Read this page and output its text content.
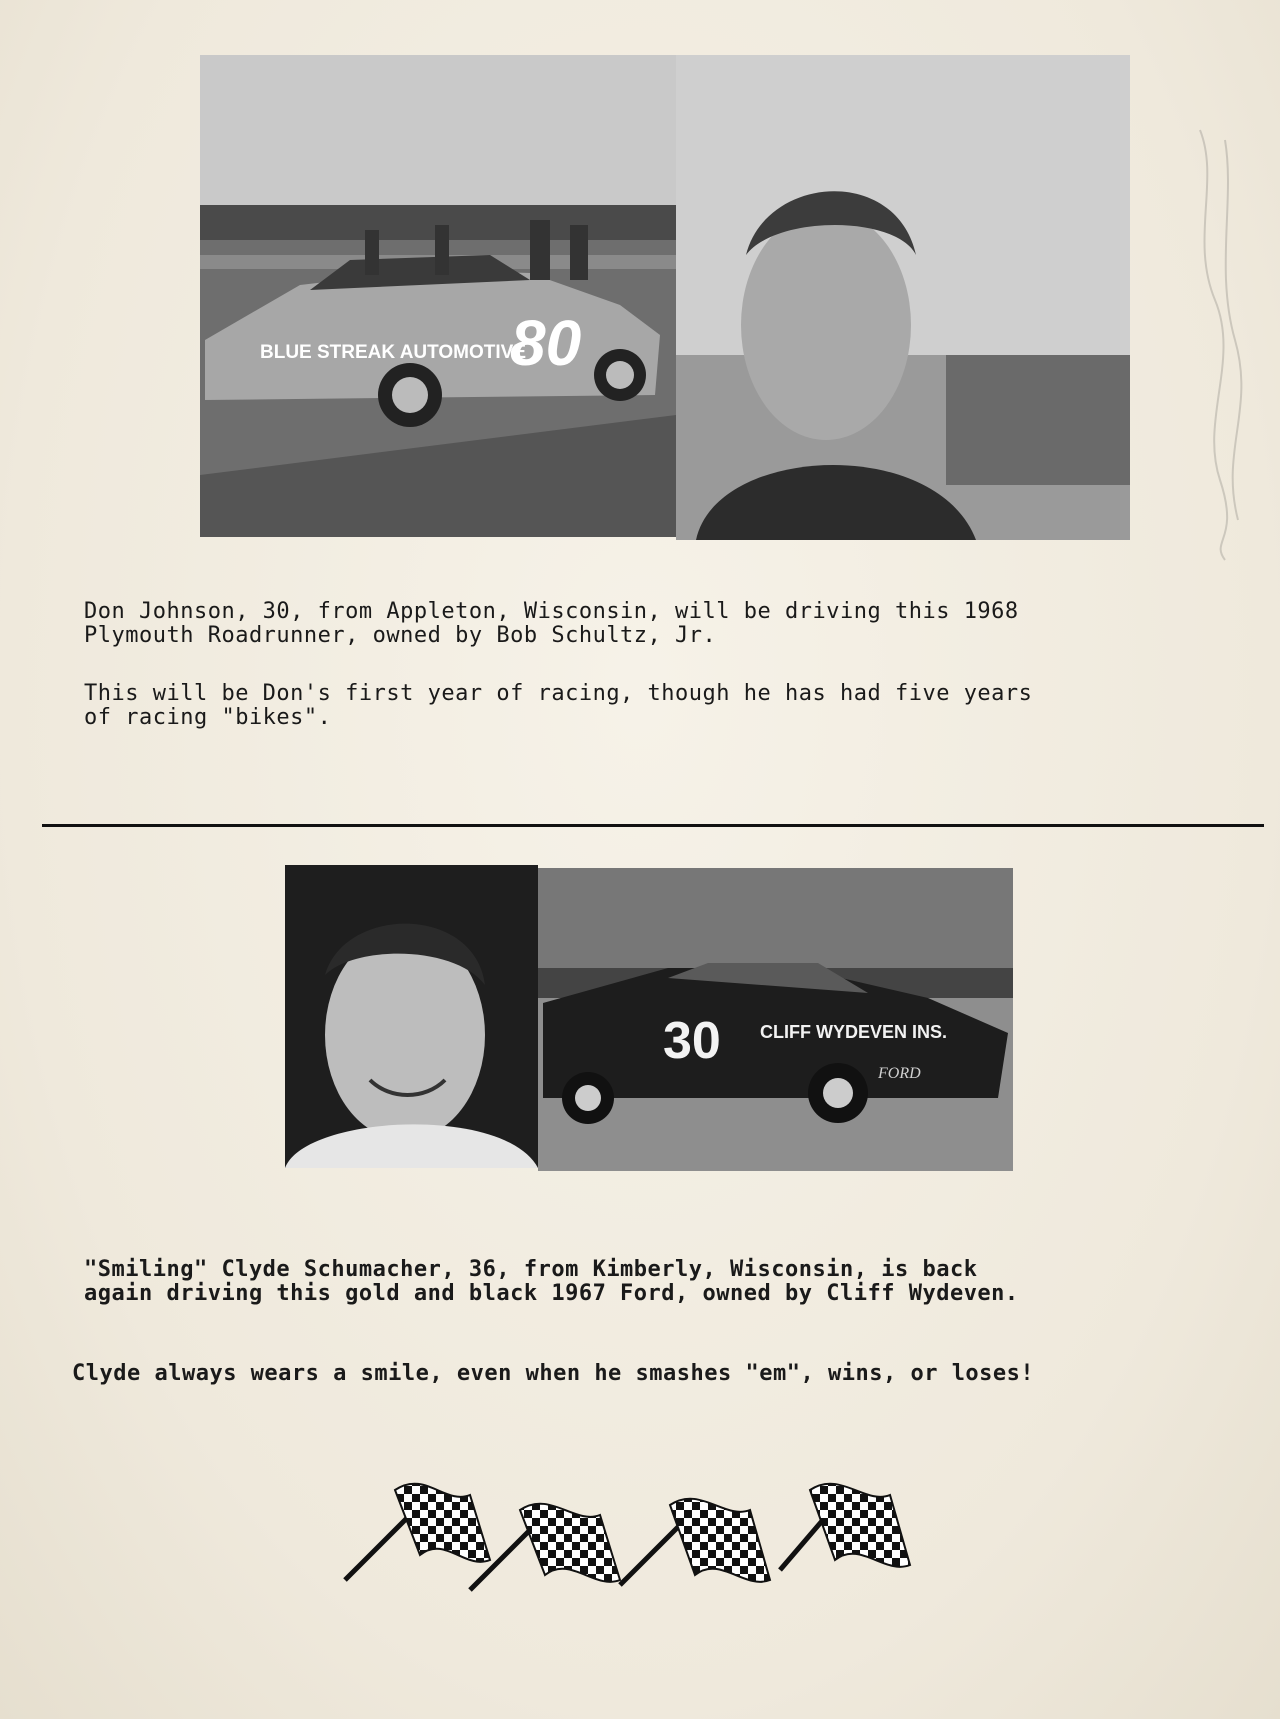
BLUE STREAK AUTOMOTIVE
80
Don Johnson, 30, from Appleton, Wisconsin, will be driving this 1968
Plymouth Roadrunner, owned by Bob Schultz, Jr.
This will be Don's first year of racing, though he has had five years
of racing "bikes".
30 CLIFF WYDEVEN INS.
FORD
"Smiling" Clyde Schumacher, 36, from Kimberly, Wisconsin, is back
again driving this gold and black 1967 Ford, owned by Cliff Wydeven.
Clyde always wears a smile, even when he smashes "em", wins, or loses!
